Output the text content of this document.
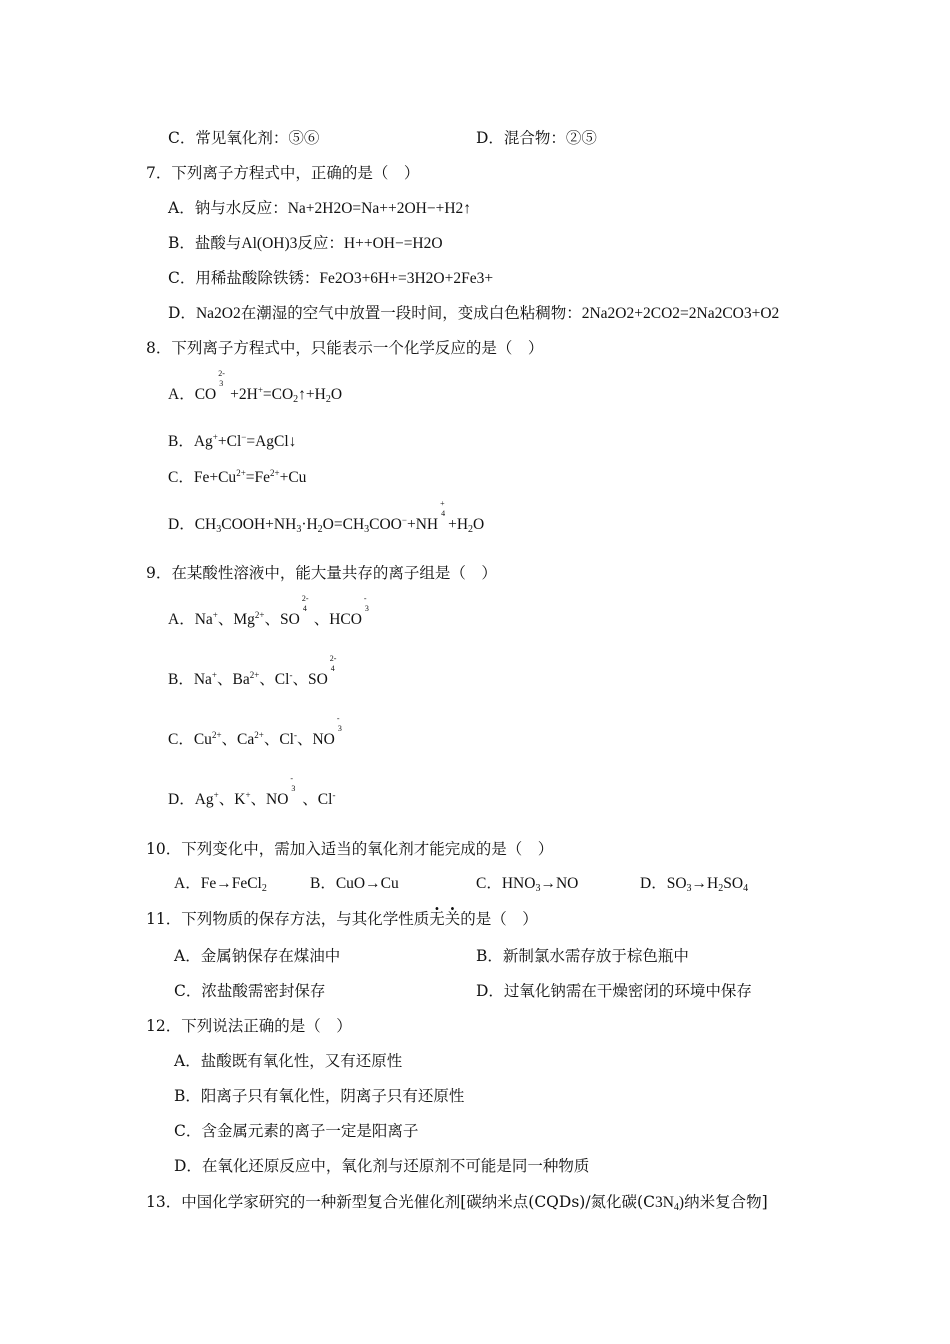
C．常见氧化剂：⑤⑥	D．混合物：②⑤
7．下列离子方程式中，正确的是（　）
A．钠与水反应：Na+2H2O=Na++2OH−+H2↑
B．盐酸与Al(OH)3反应：H++OH−=H2O
C．用稀盐酸除铁锈：Fe2O3+6H+=3H2O+2Fe3+
D．Na2O2在潮湿的空气中放置一段时间，变成白色粘稠物：2Na2O2+2CO2=2Na2CO3+O2
8．下列离子方程式中，只能表示一个化学反应的是（　）
A．CO
2-
3
$+2H^+=CO_2↑+H_2O$
B．Ag++Cl−=AgCl↓
C．$Fe+Cu^{2+}=Fe^{2+}+Cu$
D．$CH_3COOH+NH_3\cdot H_2O=CH_3COO^-+NH$
+
4
$+H_2O$
9．在某酸性溶液中，能大量共存的离子组是（　）
A．Na+、$Mg^{2+}$、SO
2-
4
、HCO
-
3
B．Na+、$Ba^{2+}$、Cl-、SO
2-
4
C．$Cu^{2+}$、$Ca^{2+}$、Cl-、NO
-
3
D．Ag+、K+、NO
-
3
、Cl-
10．下列变化中，需加入适当的氧化剂才能完成的是（　）
A．Fe→FeCl$_2$	B．CuO→Cu	C．$HNO_3\to NO$	D．$SO_3\to H_2SO_4$
11．下列物质的保存方法，与其化学性质无关的是（　）
A．金属钠保存在煤油中	B．新制氯水需存放于棕色瓶中
C．浓盐酸需密封保存	D．过氧化钠需在干燥密闭的环境中保存
12．下列说法正确的是（　）
A．盐酸既有氧化性，又有还原性
B．阳离子只有氧化性，阴离子只有还原性
C．含金属元素的离子一定是阳离子
D．在氧化还原反应中，氧化剂与还原剂不可能是同一种物质
13．中国化学家研究的一种新型复合光催化剂[碳纳米点(CQDs)/氮化碳$(C3N_4)$纳米复合物]
